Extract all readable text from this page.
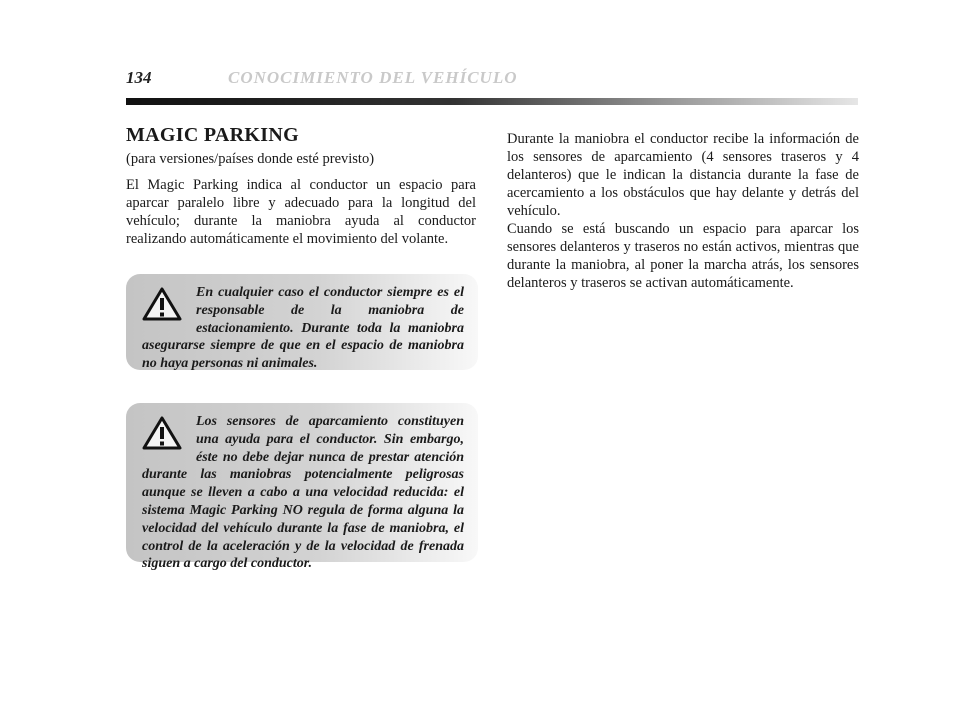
134	CONOCIMIENTO DEL VEHÍCULO
MAGIC PARKING
(para versiones/países donde esté previsto)
El Magic Parking indica al conductor un espacio para aparcar paralelo libre y adecuado para la longitud del vehículo; durante la maniobra ayuda al conductor realizando automáticamente el movimiento del volante.
En cualquier caso el conductor siempre es el responsable de la maniobra de estacionamiento. Durante toda la maniobra asegurarse siempre de que en el espacio de maniobra no haya personas ni animales.
Los sensores de aparcamiento constituyen una ayuda para el conductor. Sin embargo, éste no debe dejar nunca de prestar atención durante las maniobras potencialmente peligrosas aunque se lleven a cabo a una velocidad reducida: el sistema Magic Parking NO regula de forma alguna la velocidad del vehículo durante la fase de maniobra, el control de la aceleración y de la velocidad de frenada siguen a cargo del conductor.

Durante la maniobra el conductor recibe la información de los sensores de aparcamiento (4 sensores traseros y 4 delanteros) que le indican la distancia durante la fase de acercamiento a los obstáculos que hay delante y detrás del vehículo.

Cuando se está buscando un espacio para aparcar los sensores delanteros y traseros no están activos, mientras que durante la maniobra, al poner la marcha atrás, los sensores delanteros y traseros se activan automáticamente.
